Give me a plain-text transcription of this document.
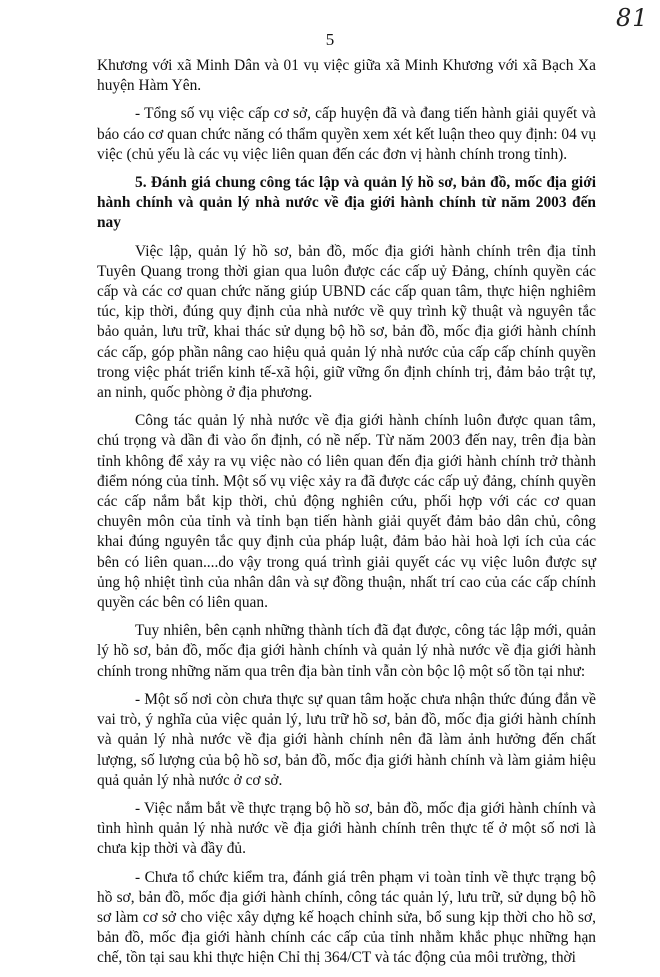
5
81

Khương với xã Minh Dân và 01 vụ việc giữa xã Minh Khương với xã Bạch Xa huyện Hàm Yên.

- Tổng số vụ việc cấp cơ sở, cấp huyện đã và đang tiến hành giải quyết và báo cáo cơ quan chức năng có thẩm quyền xem xét kết luận theo quy định: 04 vụ việc (chủ yếu là các vụ việc liên quan đến các đơn vị hành chính trong tỉnh).

5. Đánh giá chung công tác lập và quản lý hồ sơ, bản đồ, mốc địa giới hành chính và quản lý nhà nước về địa giới hành chính từ năm 2003 đến nay

Việc lập, quản lý hồ sơ, bản đồ, mốc địa giới hành chính trên địa tỉnh Tuyên Quang trong thời gian qua luôn được các cấp uỷ Đảng, chính quyền các cấp và các cơ quan chức năng giúp UBND các cấp quan tâm, thực hiện nghiêm túc, kịp thời, đúng quy định của nhà nước về quy trình kỹ thuật và nguyên tắc bảo quản, lưu trữ, khai thác sử dụng bộ hồ sơ, bản đồ, mốc địa giới hành chính các cấp, góp phần nâng cao hiệu quả quản lý nhà nước của cấp cấp chính quyền trong việc phát triển kinh tế-xã hội, giữ vững ổn định chính trị, đảm bảo trật tự, an ninh, quốc phòng ở địa phương.

Công tác quản lý nhà nước về địa giới hành chính luôn được quan tâm, chú trọng và dần đi vào ổn định, có nề nếp. Từ năm 2003 đến nay, trên địa bàn tỉnh không để xảy ra vụ việc nào có liên quan đến địa giới hành chính trở thành điểm nóng của tỉnh. Một số vụ việc xảy ra đã được các cấp uỷ đảng, chính quyền các cấp nắm bắt kịp thời, chủ động nghiên cứu, phối hợp với các cơ quan chuyên môn của tỉnh và tỉnh bạn tiến hành giải quyết đảm bảo dân chủ, công khai đúng nguyên tắc quy định của pháp luật, đảm bảo hài hoà lợi ích của các bên có liên quan....do vậy trong quá trình giải quyết các vụ việc luôn được sự ủng hộ nhiệt tình của nhân dân và sự đồng thuận, nhất trí cao của các cấp chính quyền các bên có liên quan.

Tuy nhiên, bên cạnh những thành tích đã đạt được, công tác lập mới, quản lý hồ sơ, bản đồ, mốc địa giới hành chính và quản lý nhà nước về địa giới hành chính trong những năm qua trên địa bàn tỉnh vẫn còn bộc lộ một số tồn tại như:

- Một số nơi còn chưa thực sự quan tâm hoặc chưa nhận thức đúng đắn về vai trò, ý nghĩa của việc quản lý, lưu trữ hồ sơ, bản đồ, mốc địa giới hành chính và quản lý nhà nước về địa giới hành chính nên đã làm ảnh hưởng đến chất lượng, số lượng của bộ hồ sơ, bản đồ, mốc địa giới hành chính và làm giảm hiệu quả quản lý nhà nước ở cơ sở.

- Việc nắm bắt về thực trạng bộ hồ sơ, bản đồ, mốc địa giới hành chính và tình hình quản lý nhà nước về địa giới hành chính trên thực tế ở một số nơi là chưa kịp thời và đầy đủ.

- Chưa tổ chức kiểm tra, đánh giá trên phạm vi toàn tỉnh về thực trạng bộ hồ sơ, bản đồ, mốc địa giới hành chính, công tác quản lý, lưu trữ, sử dụng bộ hồ sơ làm cơ sở cho việc xây dựng kế hoạch chỉnh sửa, bổ sung kịp thời cho hồ sơ, bản đồ, mốc địa giới hành chính các cấp của tỉnh nhằm khắc phục những hạn chế, tồn tại sau khi thực hiện Chỉ thị 364/CT và tác động của môi trường, thời
